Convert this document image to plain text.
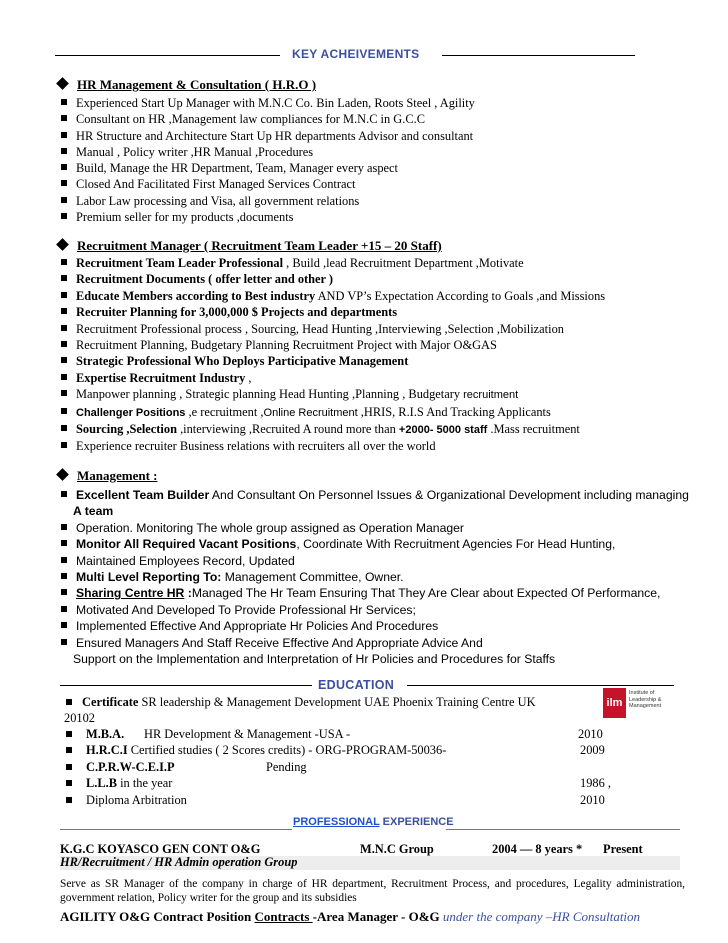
KEY ACHEIVEMENTS
HR Management & Consultation ( H.R.O )
Experienced Start Up Manager with M.N.C Co. Bin Laden, Roots Steel , Agility
Consultant on HR ,Management law compliances for M.N.C in G.C.C
HR Structure and Architecture Start Up HR departments Advisor and consultant
Manual , Policy writer ,HR Manual ,Procedures
Build, Manage the HR Department, Team, Manager every aspect
Closed And Facilitated First Managed Services Contract
Labor Law processing and Visa, all government relations
Premium seller for my products ,documents
Recruitment Manager ( Recruitment Team Leader +15 – 20 Staff)
Recruitment Team Leader Professional , Build ,lead Recruitment Department ,Motivate
Recruitment Documents ( offer letter and other )
Educate Members according to Best industry AND VP’s Expectation According to Goals ,and Missions
Recruiter Planning for 3,000,000 $ Projects and departments
Recruitment Professional process , Sourcing, Head Hunting ,Interviewing ,Selection ,Mobilization
Recruitment Planning, Budgetary Planning Recruitment Project with Major O&GAS
Strategic Professional Who Deploys Participative Management
Expertise Recruitment Industry ,
Manpower planning , Strategic planning Head Hunting ,Planning , Budgetary recruitment
Challenger Positions ,e recruitment ,Online Recruitment ,HRIS, R.I.S And Tracking Applicants
Sourcing ,Selection ,interviewing ,Recruited A round more than +2000- 5000 staff .Mass recruitment
Experience recruiter Business relations with recruiters all over the world
Management :
Excellent Team Builder And Consultant On Personnel Issues & Organizational Development including managing
A team
Operation. Monitoring The whole group assigned as Operation Manager
Monitor All Required Vacant Positions, Coordinate With Recruitment Agencies For Head Hunting,
Maintained Employees Record, Updated
Multi Level Reporting To: Management Committee, Owner.
Sharing Centre HR :Managed The Hr Team Ensuring That They Are Clear about Expected Of Performance,
Motivated And Developed To Provide Professional Hr Services;
Implemented Effective And Appropriate Hr Policies And Procedures
Ensured Managers And Staff Receive Effective And Appropriate Advice And
Support on the Implementation and Interpretation of Hr Policies and Procedures for Staffs
EDUCATION
ilm
Institute of Leadership & Management
Certificate SR leadership & Management Development UAE Phoenix Training Centre UK
20102
M.B.A. HR Development & Management -USA -	2010
H.R.C.I Certified studies ( 2 Scores credits) - ORG-PROGRAM-50036-	2009
C.P.R.W-C.E.I.P	Pending
L.L.B in the year	1986 ,
Diploma Arbitration	2010
PROFESSIONAL EXPERIENCE
K.G.C KOYASCO GEN CONT O&G	M.N.C Group	2004 — 8 years * Present
HR/Recruitment / HR Admin operation Group
Serve as SR Manager of the company in charge of HR department, Recruitment Process, and procedures, Legality administration, government relation, Policy writer for the group and its subsidies
AGILITY O&G Contract Position Contracts -Area Manager - O&G under the company –HR Consultation
